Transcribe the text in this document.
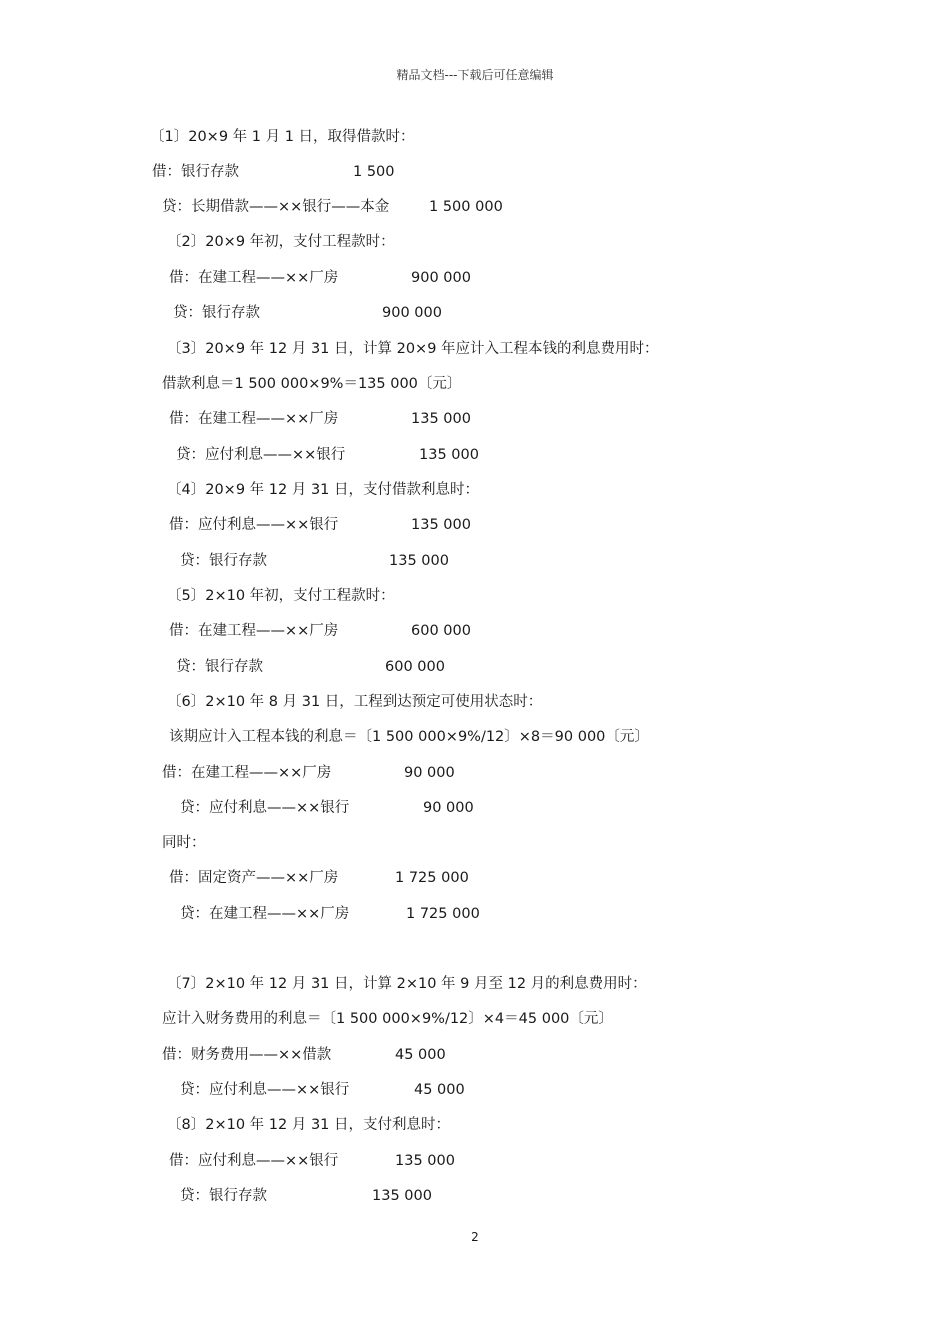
精品文档---下载后可任意编辑
〔1〕20×9 年 1 月 1 日，取得借款时：
借：银行存款	1 500
贷：长期借款——××银行——本金	1 500 000
〔2〕20×9 年初，支付工程款时：
借：在建工程——××厂房	900 000
贷：银行存款	900 000
〔3〕20×9 年 12 月 31 日，计算 20×9 年应计入工程本钱的利息费用时：
借款利息＝1 500 000×9%＝135 000〔元〕
借：在建工程——××厂房	135 000
贷：应付利息——××银行	135 000
〔4〕20×9 年 12 月 31 日，支付借款利息时：
借：应付利息——××银行	135 000
贷：银行存款	135 000
〔5〕2×10 年初，支付工程款时：
借：在建工程——××厂房	600 000
贷：银行存款	600 000
〔6〕2×10 年 8 月 31 日，工程到达预定可使用状态时：
该期应计入工程本钱的利息＝〔1 500 000×9%/12〕×8＝90 000〔元〕
借：在建工程——××厂房	90 000
贷：应付利息——××银行	90 000
同时：
借：固定资产——××厂房	1 725 000
贷：在建工程——××厂房	1 725 000
〔7〕2×10 年 12 月 31 日，计算 2×10 年 9 月至 12 月的利息费用时：
应计入财务费用的利息＝〔1 500 000×9%/12〕×4＝45 000〔元〕
借：财务费用——××借款	45 000
贷：应付利息——××银行	45 000
〔8〕2×10 年 12 月 31 日，支付利息时：
借：应付利息——××银行	135 000
贷：银行存款	135 000
2
